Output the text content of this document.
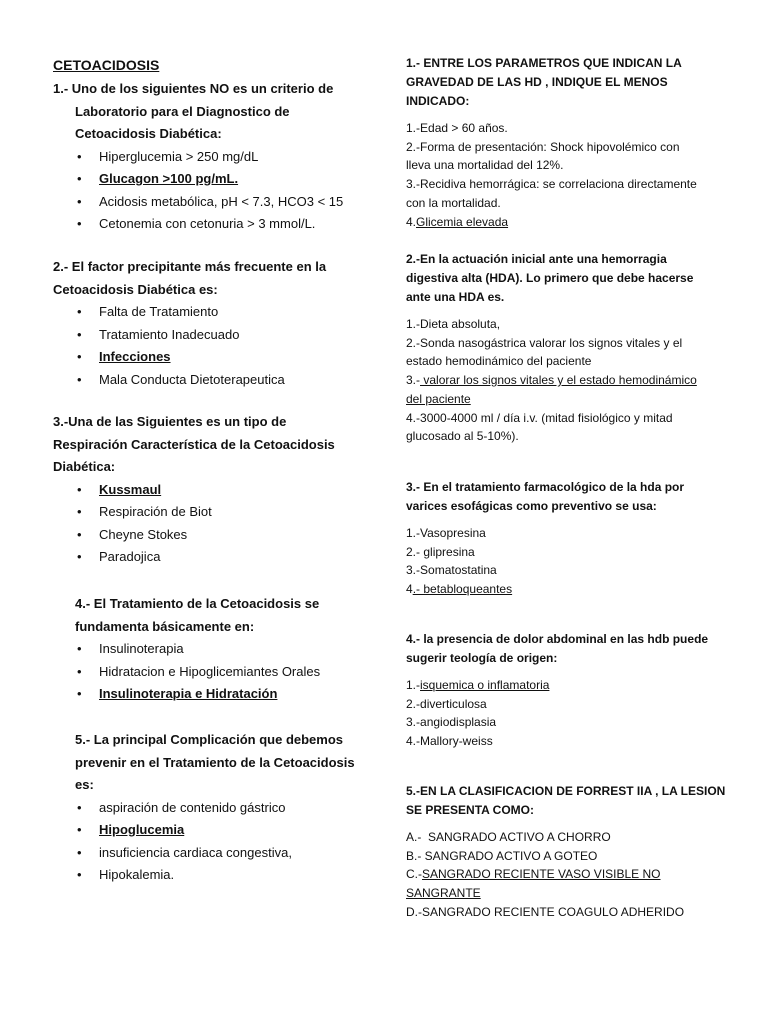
CETOACIDOSIS
1.- Uno de los siguientes NO es un criterio de
Laboratorio para el Diagnostico de
Cetoacidosis Diabética:
• Hiperglucemia > 250 mg/dL
• Glucagon >100 pg/mL.
• Acidosis metabólica, pH < 7.3, HCO3 < 15
• Cetonemia con cetonuria > 3 mmol/L.
2.- El factor precipitante más frecuente en la
Cetoacidosis Diabética es:
• Falta de Tratamiento
• Tratamiento Inadecuado
• Infecciones
• Mala Conducta Dietoterapeutica
3.-Una de las Siguientes es un tipo de
Respiración Característica de la Cetoacidosis
Diabética:
• Kussmaul
• Respiración de Biot
• Cheyne Stokes
• Paradojica
4.- El Tratamiento de la Cetoacidosis se
fundamenta básicamente en:
• Insulinoterapia
• Hidratacion e Hipoglicemiantes Orales
• Insulinoterapia e Hidratación
5.- La principal Complicación que debemos
prevenir en el Tratamiento de la Cetoacidosis
es:
• aspiración de contenido gástrico
• Hipoglucemia
• insuficiencia cardiaca congestiva,
• Hipokalemia.
1.- ENTRE LOS PARAMETROS QUE INDICAN LA
GRAVEDAD DE LAS HD , INDIQUE EL MENOS
INDICADO:
1.-Edad > 60 años.
2.-Forma de presentación: Shock hipovolémico con
lleva una mortalidad del 12%.
3.-Recidiva hemorrágica: se correlaciona directamente
con la mortalidad.
4.Glicemia elevada
2.-En la actuación inicial ante una hemorragia
digestiva alta (HDA). Lo primero que debe hacerse
ante una HDA es.
1.-Dieta absoluta,
2.-Sonda nasogástrica valorar los signos vitales y el
estado hemodinámico del paciente
3.- valorar los signos vitales y el estado hemodinámico
del paciente
4.-3000-4000 ml / día i.v. (mitad fisiológico y mitad
glucosado al 5-10%).
3.- En el tratamiento farmacológico de la hda por
varices esofágicas como preventivo se usa:
1.-Vasopresina
2.- glipresina
3.-Somatostatina
4.- betabloqueantes
4.- la presencia de dolor abdominal en las hdb puede
sugerir teología de origen:
1.-isquemica o inflamatoria
2.-diverticulosa
3.-angiodisplasia
4.-Mallory-weiss
5.-EN LA CLASIFICACION DE FORREST IIA , LA LESION
SE PRESENTA COMO:
A.-  SANGRADO ACTIVO A CHORRO
B.- SANGRADO ACTIVO A GOTEO
C.-SANGRADO RECIENTE VASO VISIBLE NO
SANGRANTE
D.-SANGRADO RECIENTE COAGULO ADHERIDO
